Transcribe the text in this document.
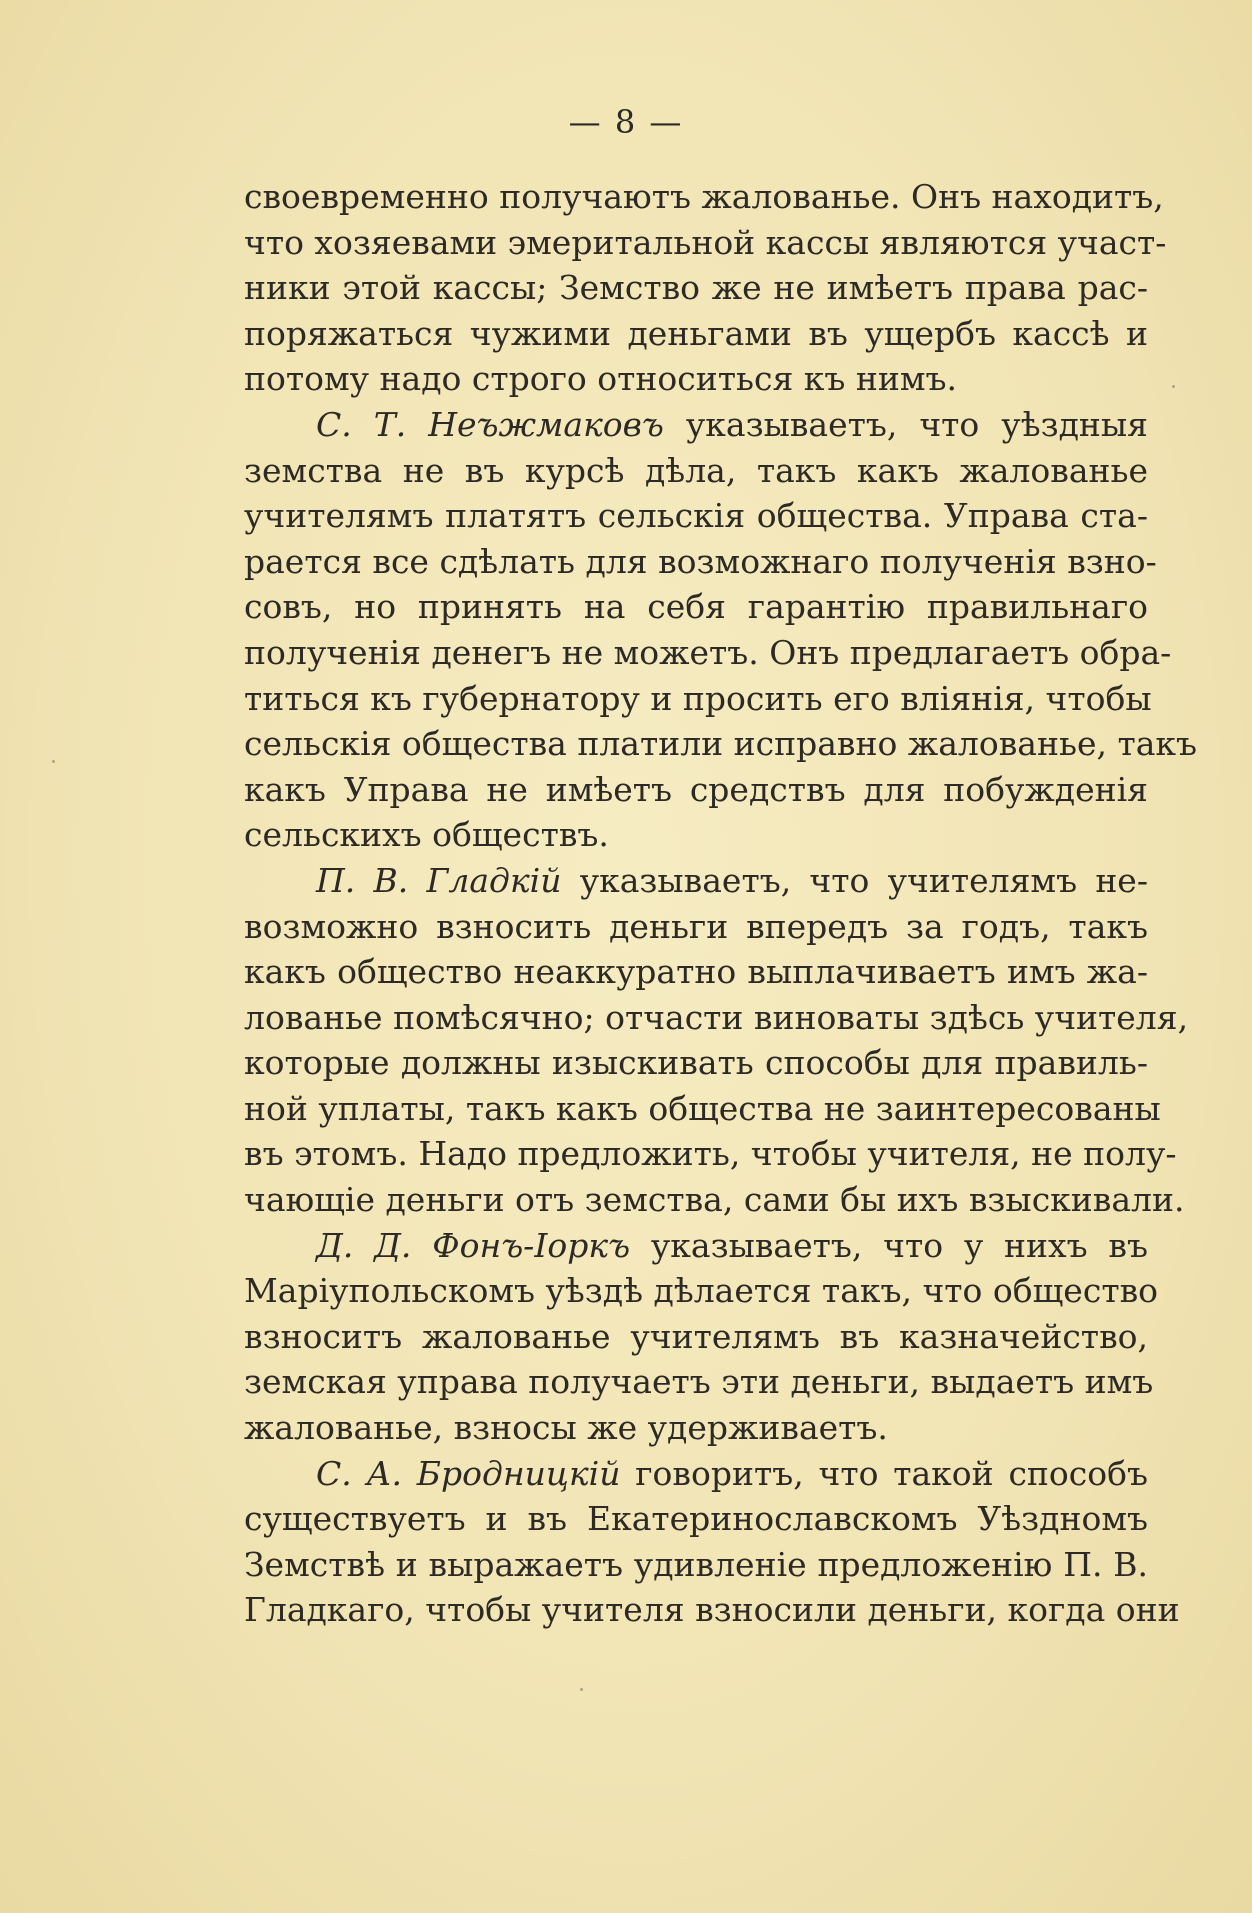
— 8 —
своевременно получаютъ жалованье. Онъ находитъ,
что хозяевами эмеритальной кассы являются участ-
ники этой кассы; Земство же не имѣетъ права рас-
поряжаться чужими деньгами въ ущербъ кассѣ и
потому надо строго относиться къ нимъ.
С. Т. Неъжмаковъ указываетъ, что уѣздныя
земства не въ курсѣ дѣла, такъ какъ жалованье
учителямъ платятъ сельскія общества. Управа ста-
рается все сдѣлать для возможнаго полученія взно-
совъ, но принять на себя гарантію правильнаго
полученія денегъ не можетъ. Онъ предлагаетъ обра-
титься къ губернатору и просить его вліянія, чтобы
сельскія общества платили исправно жалованье, такъ
какъ Управа не имѣетъ средствъ для побужденія
сельскихъ обществъ.
П. В. Гладкій указываетъ, что учителямъ не-
возможно взносить деньги впередъ за годъ, такъ
какъ общество неаккуратно выплачиваетъ имъ жа-
лованье помѣсячно; отчасти виноваты здѣсь учителя,
которые должны изыскивать способы для правиль-
ной уплаты, такъ какъ общества не заинтересованы
въ этомъ. Надо предложить, чтобы учителя, не полу-
чающіе деньги отъ земства, сами бы ихъ взыскивали.
Д. Д. Фонъ-Іоркъ указываетъ, что у нихъ въ
Маріупольскомъ уѣздѣ дѣлается такъ, что общество
взноситъ жалованье учителямъ въ казначейство,
земская управа получаетъ эти деньги, выдаетъ имъ
жалованье, взносы же удерживаетъ.
С. А. Бродницкій говоритъ, что такой способъ
существуетъ и въ Екатеринославскомъ Уѣздномъ
Земствѣ и выражаетъ удивленіе предложенію П. В.
Гладкаго, чтобы учителя взносили деньги, когда они
